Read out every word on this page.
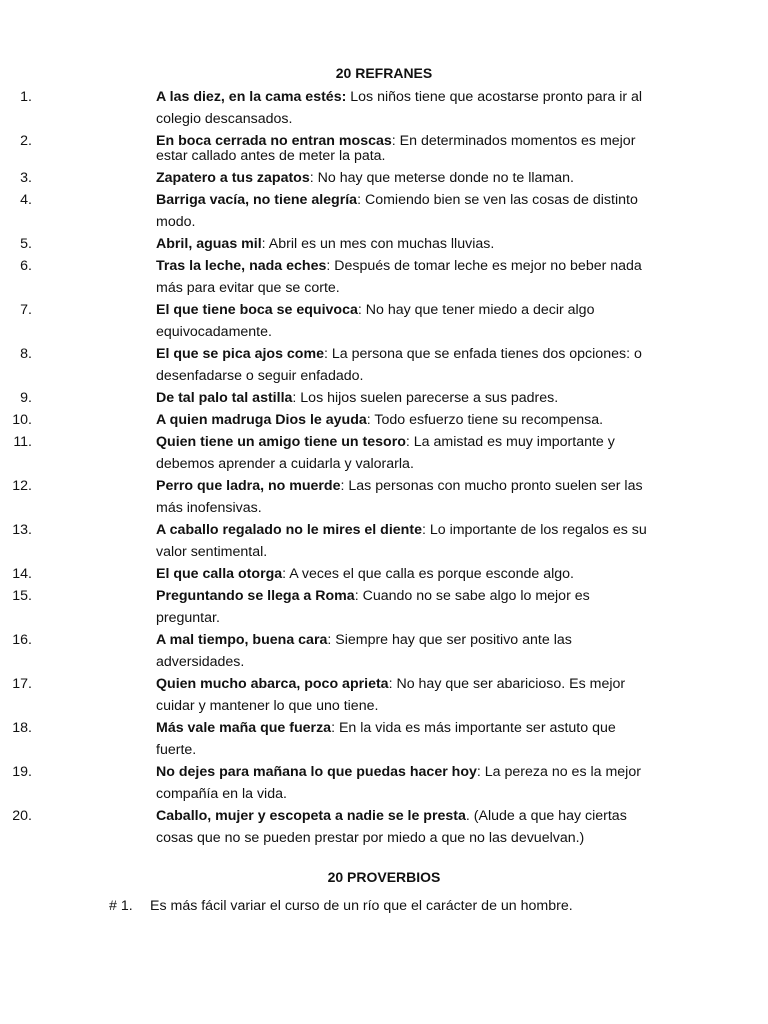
20 REFRANES
1.	A las diez, en la cama estés: Los niños tiene que acostarse pronto para ir al colegio descansados.
2.	En boca cerrada no entran moscas: En determinados momentos es mejor estar callado antes de meter la pata.
3.	Zapatero a tus zapatos: No hay que meterse donde no te llaman.
4.	Barriga vacía, no tiene alegría: Comiendo bien se ven las cosas de distinto modo.
5.	Abril, aguas mil: Abril es un mes con muchas lluvias.
6.	Tras la leche, nada eches: Después de tomar leche es mejor no beber nada más para evitar que se corte.
7.	El que tiene boca se equivoca: No hay que tener miedo a decir algo equivocadamente.
8.	El que se pica ajos come: La persona que se enfada tienes dos opciones: o desenfadarse o seguir enfadado.
9.	De tal palo tal astilla: Los hijos suelen parecerse a sus padres.
10.	A quien madruga Dios le ayuda: Todo esfuerzo tiene su recompensa.
11.	Quien tiene un amigo tiene un tesoro: La amistad es muy importante y debemos aprender a cuidarla y valorarla.
12.	Perro que ladra, no muerde: Las personas con mucho pronto suelen ser las más inofensivas.
13.	A caballo regalado no le mires el diente: Lo importante de los regalos es su valor sentimental.
14.	El que calla otorga: A veces el que calla es porque esconde algo.
15.	Preguntando se llega a Roma: Cuando no se sabe algo lo mejor es preguntar.
16.	A mal tiempo, buena cara: Siempre hay que ser positivo ante las adversidades.
17.	Quien mucho abarca, poco aprieta: No hay que ser abaricioso. Es mejor cuidar y mantener lo que uno tiene.
18.	Más vale maña que fuerza: En la vida es más importante ser astuto que fuerte.
19.	No dejes para mañana lo que puedas hacer hoy: La pereza no es la mejor compañía en la vida.
20.	Caballo, mujer y escopeta a nadie se le presta. (Alude a que hay ciertas cosas que no se pueden prestar por miedo a que no las devuelvan.)
20 PROVERBIOS

# 1. Es más fácil variar el curso de un río que el carácter de un hombre.
